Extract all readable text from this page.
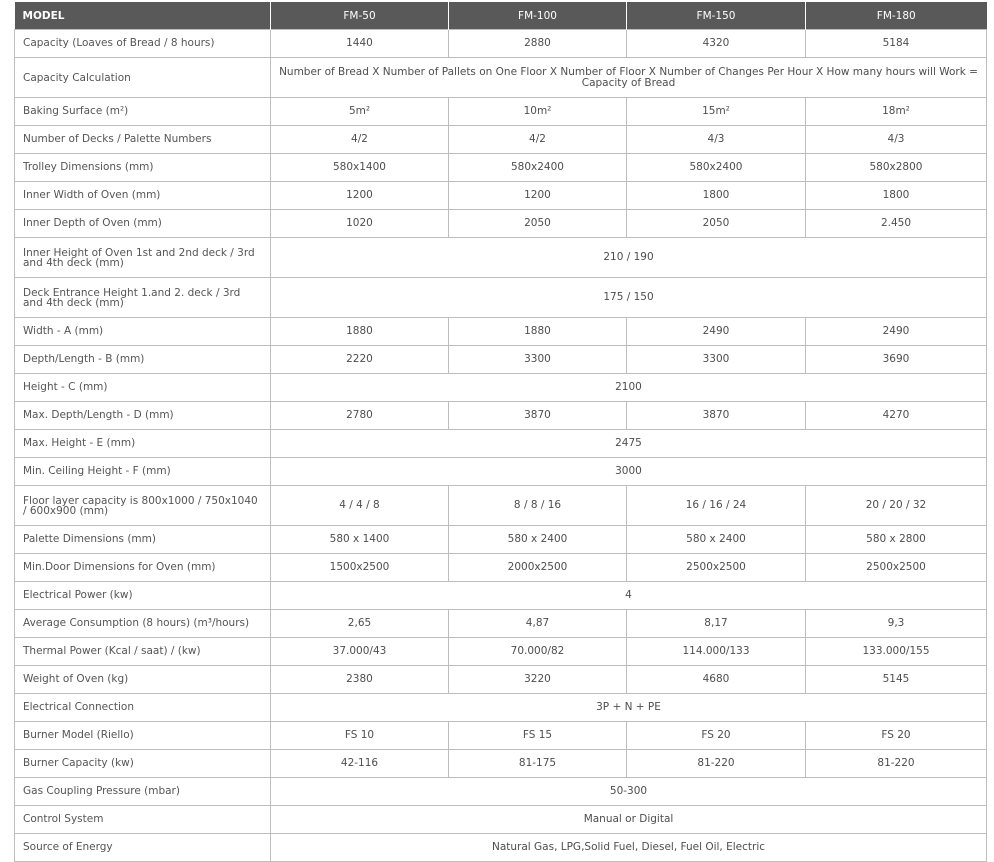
MODEL	FM-50	FM-100	FM-150	FM-180
Capacity (Loaves of Bread / 8 hours)	1440	2880	4320	5184
Capacity Calculation	Number of Bread X Number of Pallets on One Floor X Number of Floor X Number of Changes Per Hour X How many hours will Work = Capacity of Bread			
Baking Surface (m²)	5m²	10m²	15m²	18m²
Number of Decks / Palette Numbers	4/2	4/2	4/3	4/3
Trolley Dimensions (mm)	580x1400	580x2400	580x2400	580x2800
Inner Width of Oven (mm)	1200	1200	1800	1800
Inner Depth of Oven (mm)	1020	2050	2050	2.450
Inner Height of Oven 1st and 2nd deck / 3rd and 4th deck (mm)	210 / 190			
Deck Entrance Height 1.and 2. deck / 3rd and 4th deck (mm)	175 / 150			
Width - A (mm)	1880	1880	2490	2490
Depth/Length - B (mm)	2220	3300	3300	3690
Height - C (mm)	2100			
Max. Depth/Length - D (mm)	2780	3870	3870	4270
Max. Height - E (mm)	2475			
Min. Ceiling Height - F (mm)	3000			
Floor layer capacity is 800x1000 / 750x1040 / 600x900 (mm)	4 / 4 / 8	8 / 8 / 16	16 / 16 / 24	20 / 20 / 32
Palette Dimensions (mm)	580 x 1400	580 x 2400	580 x 2400	580 x 2800
Min.Door Dimensions for Oven (mm)	1500x2500	2000x2500	2500x2500	2500x2500
Electrical Power (kw)	4			
Average Consumption (8 hours) (m³/hours)	2,65	4,87	8,17	9,3
Thermal Power (Kcal / saat) / (kw)	37.000/43	70.000/82	114.000/133	133.000/155
Weight of Oven (kg)	2380	3220	4680	5145
Electrical Connection	3P + N + PE			
Burner Model (Riello)	FS 10	FS 15	FS 20	FS 20
Burner Capacity (kw)	42-116	81-175	81-220	81-220
Gas Coupling Pressure (mbar)	50-300			
Control System	Manual or Digital			
Source of Energy	Natural Gas, LPG,Solid Fuel, Diesel, Fuel Oil, Electric			
